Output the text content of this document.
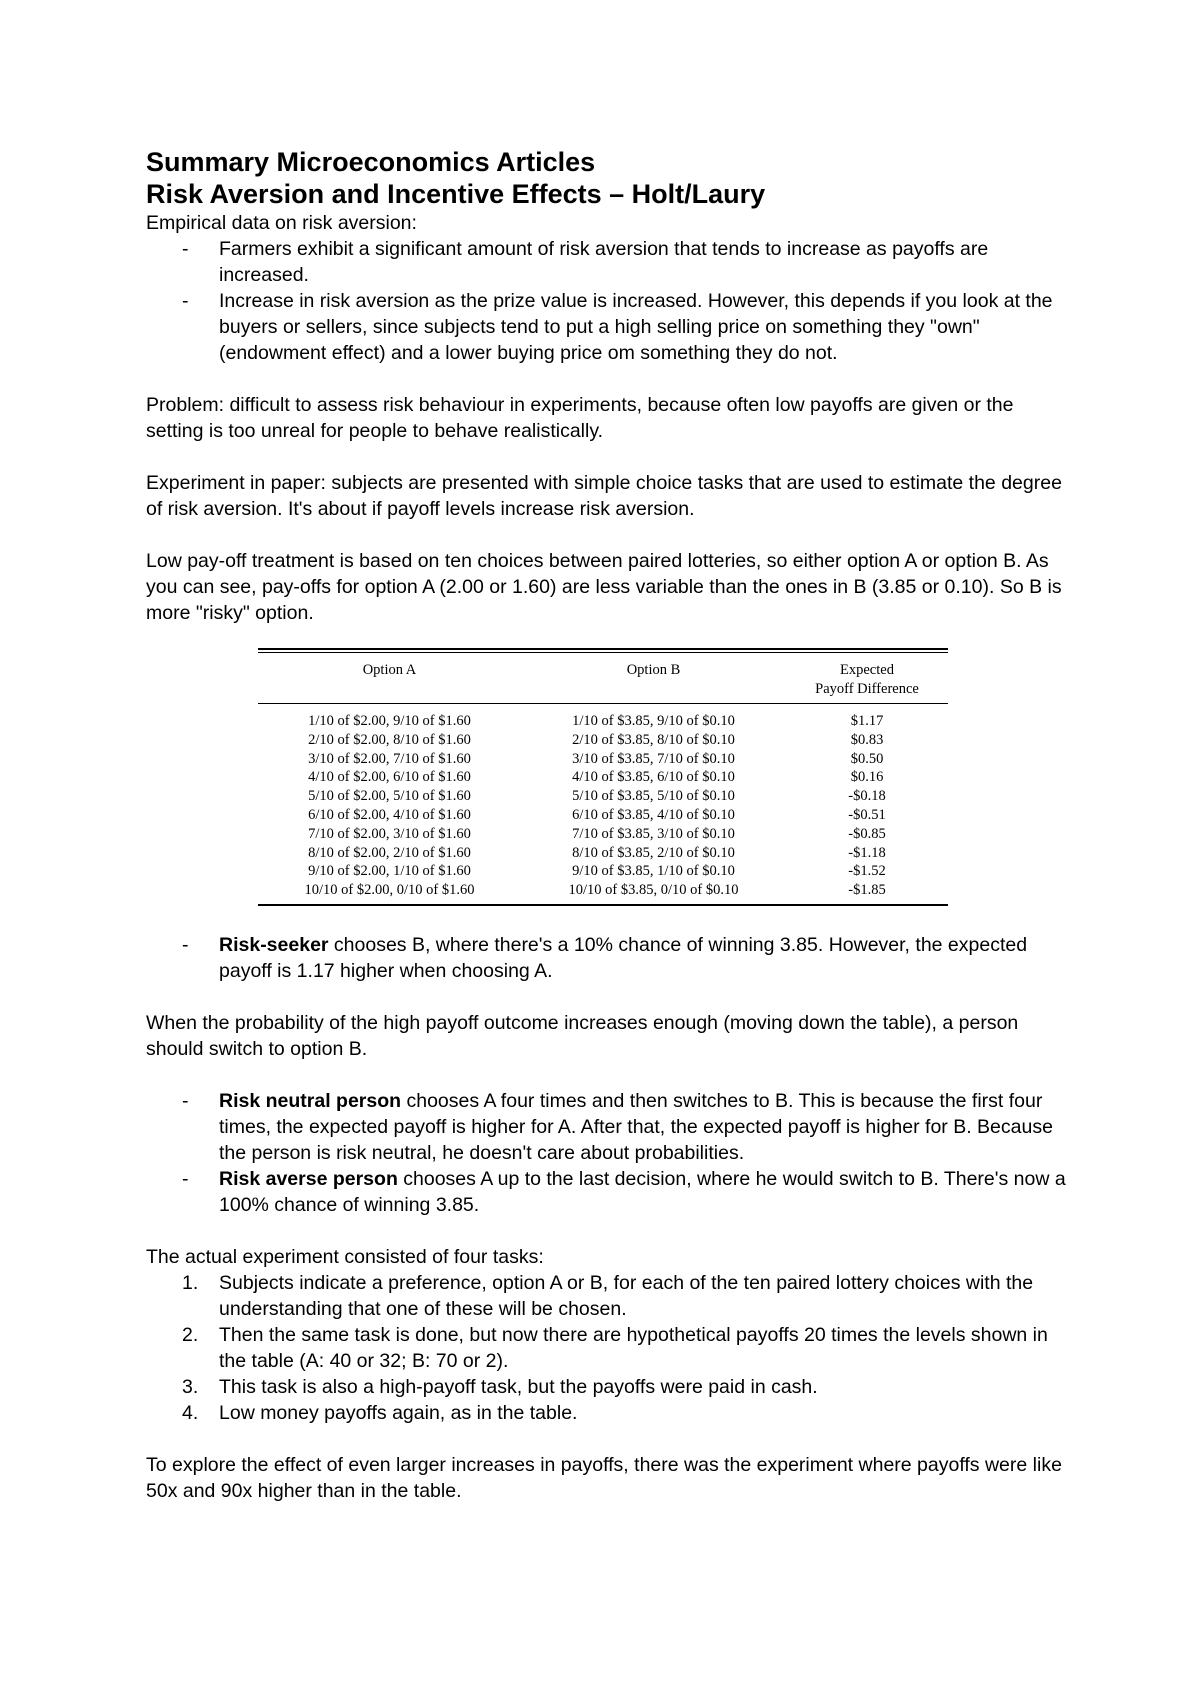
Summary Microeconomics Articles
Risk Aversion and Incentive Effects – Holt/Laury

Empirical data on risk aversion:

- Farmers exhibit a significant amount of risk aversion that tends to increase as payoffs are increased.
- Increase in risk aversion as the prize value is increased. However, this depends if you look at the buyers or sellers, since subjects tend to put a high selling price on something they "own" (endowment effect) and a lower buying price om something they do not.

Problem: difficult to assess risk behaviour in experiments, because often low payoffs are given or the setting is too unreal for people to behave realistically.

Experiment in paper: subjects are presented with simple choice tasks that are used to estimate the degree of risk aversion. It's about if payoff levels increase risk aversion.

Low pay-off treatment is based on ten choices between paired lotteries, so either option A or option B. As you can see, pay-offs for option A (2.00 or 1.60) are less variable than the ones in B (3.85 or 0.10). So B is more "risky" option.

Option A	Option B	Expected
Payoff Difference

1/10 of $2.00, 9/10 of $1.60	1/10 of $3.85, 9/10 of $0.10	$1.17
2/10 of $2.00, 8/10 of $1.60	2/10 of $3.85, 8/10 of $0.10	$0.83
3/10 of $2.00, 7/10 of $1.60	3/10 of $3.85, 7/10 of $0.10	$0.50
4/10 of $2.00, 6/10 of $1.60	4/10 of $3.85, 6/10 of $0.10	$0.16
5/10 of $2.00, 5/10 of $1.60	5/10 of $3.85, 5/10 of $0.10	-$0.18
6/10 of $2.00, 4/10 of $1.60	6/10 of $3.85, 4/10 of $0.10	-$0.51
7/10 of $2.00, 3/10 of $1.60	7/10 of $3.85, 3/10 of $0.10	-$0.85
8/10 of $2.00, 2/10 of $1.60	8/10 of $3.85, 2/10 of $0.10	-$1.18
9/10 of $2.00, 1/10 of $1.60	9/10 of $3.85, 1/10 of $0.10	-$1.52
10/10 of $2.00, 0/10 of $1.60	10/10 of $3.85, 0/10 of $0.10	-$1.85
- Risk-seeker chooses B, where there's a 10% chance of winning 3.85. However, the expected payoff is 1.17 higher when choosing A.

When the probability of the high payoff outcome increases enough (moving down the table), a person should switch to option B.

- Risk neutral person chooses A four times and then switches to B. This is because the first four times, the expected payoff is higher for A. After that, the expected payoff is higher for B. Because the person is risk neutral, he doesn't care about probabilities.
- Risk averse person chooses A up to the last decision, where he would switch to B. There's now a 100% chance of winning 3.85.

The actual experiment consisted of four tasks:

1. Subjects indicate a preference, option A or B, for each of the ten paired lottery choices with the understanding that one of these will be chosen.
2. Then the same task is done, but now there are hypothetical payoffs 20 times the levels shown in the table (A: 40 or 32; B: 70 or 2).
3. This task is also a high-payoff task, but the payoffs were paid in cash.
4. Low money payoffs again, as in the table.

To explore the effect of even larger increases in payoffs, there was the experiment where payoffs were like 50x and 90x higher than in the table.
